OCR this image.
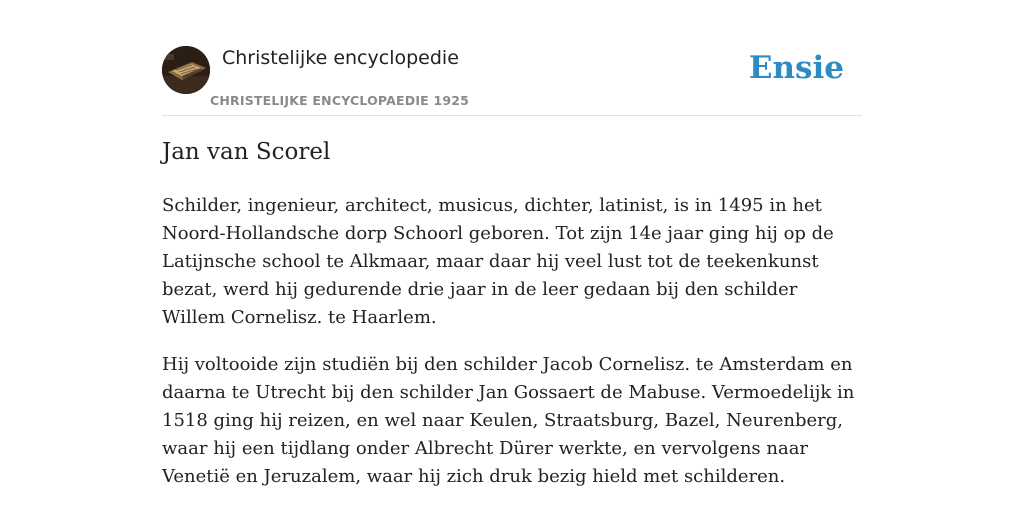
Christelijke encyclopedie
CHRISTELIJKE ENCYCLOPAEDIE 1925
Ensie
Jan van Scorel

Schilder, ingenieur, architect, musicus, dichter, latinist, is in 1495 in het Noord-Hollandsche dorp Schoorl geboren. Tot zijn 14e jaar ging hij op de Latijnsche school te Alkmaar, maar daar hij veel lust tot de teekenkunst bezat, werd hij gedurende drie jaar in de leer gedaan bij den schilder Willem Cornelisz. te Haarlem.

Hij voltooide zijn studiën bij den schilder Jacob Cornelisz. te Amsterdam en daarna te Utrecht bij den schilder Jan Gossaert de Mabuse. Vermoedelijk in 1518 ging hij reizen, en wel naar Keulen, Straatsburg, Bazel, Neurenberg, waar hij een tijdlang onder Albrecht Dürer werkte, en vervolgens naar Venetië en Jeruzalem, waar hij zich druk bezig hield met schilderen.
